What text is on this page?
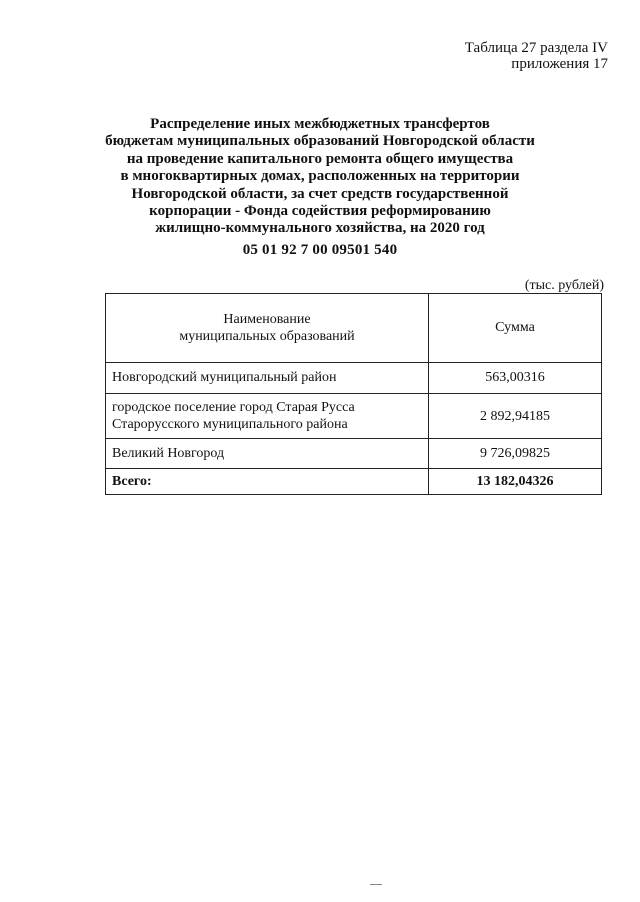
Таблица 27 раздела IV
приложения 17
Распределение иных межбюджетных трансфертов
бюджетам муниципальных образований Новгородской области
на проведение капитального ремонта общего имущества
в многоквартирных домах, расположенных на территории
Новгородской области, за счет средств государственной
корпорации - Фонда содействия реформированию
жилищно-коммунального хозяйства, на 2020 год
05 01 92 7 00 09501 540
(тыс. рублей)
Наименование
муниципальных образований	Сумма
Новгородский муниципальный район	563,00316

городское поселение город Старая Русса
Старорусского муниципального района	2 892,94185
Великий Новгород	9 726,09825
Всего:	13 182,04326
